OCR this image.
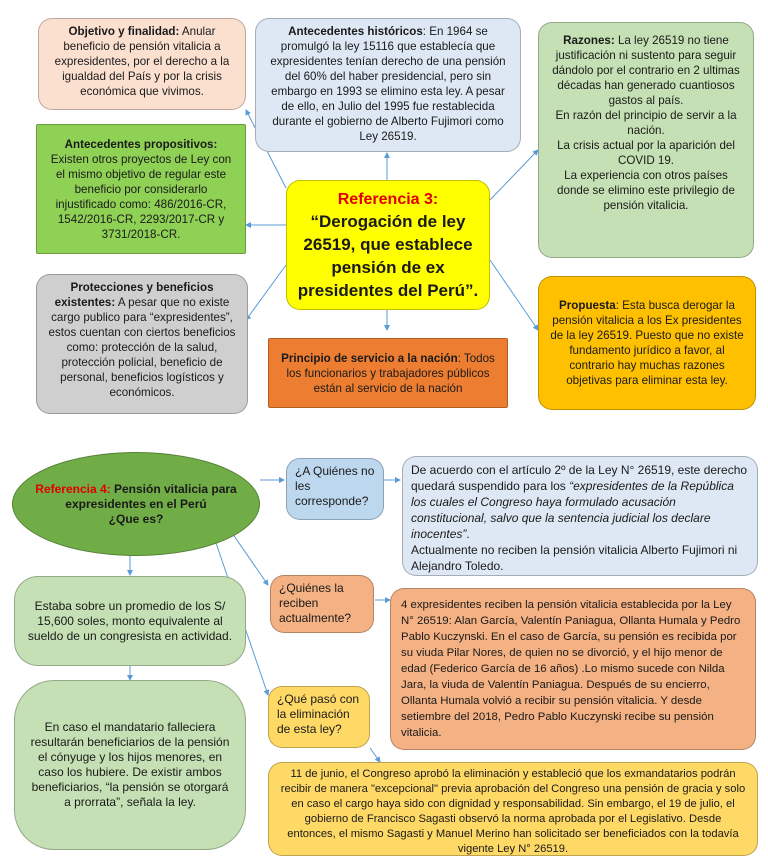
Objetivo y finalidad: Anular beneficio de pensión vitalicia a expresidentes, por el derecho a la igualdad del País y por la crisis económica que vivimos.
Antecedentes históricos: En 1964 se promulgó la ley 15116 que establecía que expresidentes tenían derecho de una pensión del 60% del haber presidencial, pero sin embargo en 1993 se elimino esta ley. A pesar de ello, en Julio del 1995 fue restablecida durante el gobierno de Alberto Fujimori como Ley 26519.
Razones: La ley 26519 no tiene justificación ni sustento para seguir dándolo por el contrario en 2 ultimas décadas han generado cuantiosos gastos al país.
En razón del principio de servir a la nación.
La crisis actual por la aparición del COVID 19.
La experiencia con otros países donde se elimino este privilegio de pensión vitalicia.
Antecedentes propositivos:
Existen otros proyectos de Ley con el mismo objetivo de regular este beneficio por considerarlo injustificado como: 486/2016-CR, 1542/2016-CR, 2293/2017-CR y 3731/2018-CR.
Referencia 3:
“Derogación de ley 26519, que establece pensión de ex presidentes del Perú”.
Protecciones y beneficios existentes: A pesar que no existe cargo publico para “expresidentes”, estos cuentan con ciertos beneficios como: protección de la salud, protección policial, beneficio de personal, beneficios logísticos y económicos.
Principio de servicio a la nación: Todos los funcionarios y trabajadores públicos están al servicio de la nación
Propuesta: Esta busca derogar la pensión vitalicia a los Ex presidentes de la ley 26519. Puesto que no existe fundamento jurídico a favor, al contrario hay muchas razones objetivas para eliminar esta ley.
Referencia 4: Pensión vitalicia para expresidentes en el Perú
¿Que es?
¿A Quiénes no les corresponde?
De acuerdo con el artículo 2º de la Ley N° 26519, este derecho quedará suspendido para los “expresidentes de la República los cuales el Congreso haya formulado acusación constitucional, salvo que la sentencia judicial los declare inocentes”.
Actualmente no reciben la pensión vitalicia Alberto Fujimori ni Alejandro Toledo.
Estaba sobre un promedio de los S/ 15,600 soles, monto equivalente al sueldo de un congresista en actividad.
¿Quiénes la reciben actualmente?
4 expresidentes reciben la pensión vitalicia establecida por la Ley N° 26519: Alan García, Valentín Paniagua, Ollanta Humala y Pedro Pablo Kuczynski. En el caso de García, su pensión es recibida por su viuda Pilar Nores, de quien no se divorció, y el hijo menor de edad (Federico García de 16 años) .Lo mismo sucede con Nilda Jara, la viuda de Valentín Paniagua. Después de su encierro, Ollanta Humala volvió a recibir su pensión vitalicia. Y desde setiembre del 2018, Pedro Pablo Kuczynski recibe su pensión vitalicia.
En caso el mandatario falleciera resultarán beneficiarios de la pensión el cónyuge y los hijos menores, en caso los hubiere. De existir ambos beneficiarios, “la pensión se otorgará a prorrata”, señala la ley.
¿Qué pasó con la eliminación de esta ley?
11 de junio, el Congreso aprobó la eliminación y estableció que los exmandatarios podrán recibir de manera "excepcional" previa aprobación del Congreso una pensión de gracia y solo en caso el cargo haya sido con dignidad y responsabilidad. Sin embargo, el 19 de julio, el gobierno de Francisco Sagasti observó la norma aprobada por el Legislativo. Desde entonces, el mismo Sagasti y Manuel Merino han solicitado ser beneficiados con la todavía vigente Ley N° 26519.
